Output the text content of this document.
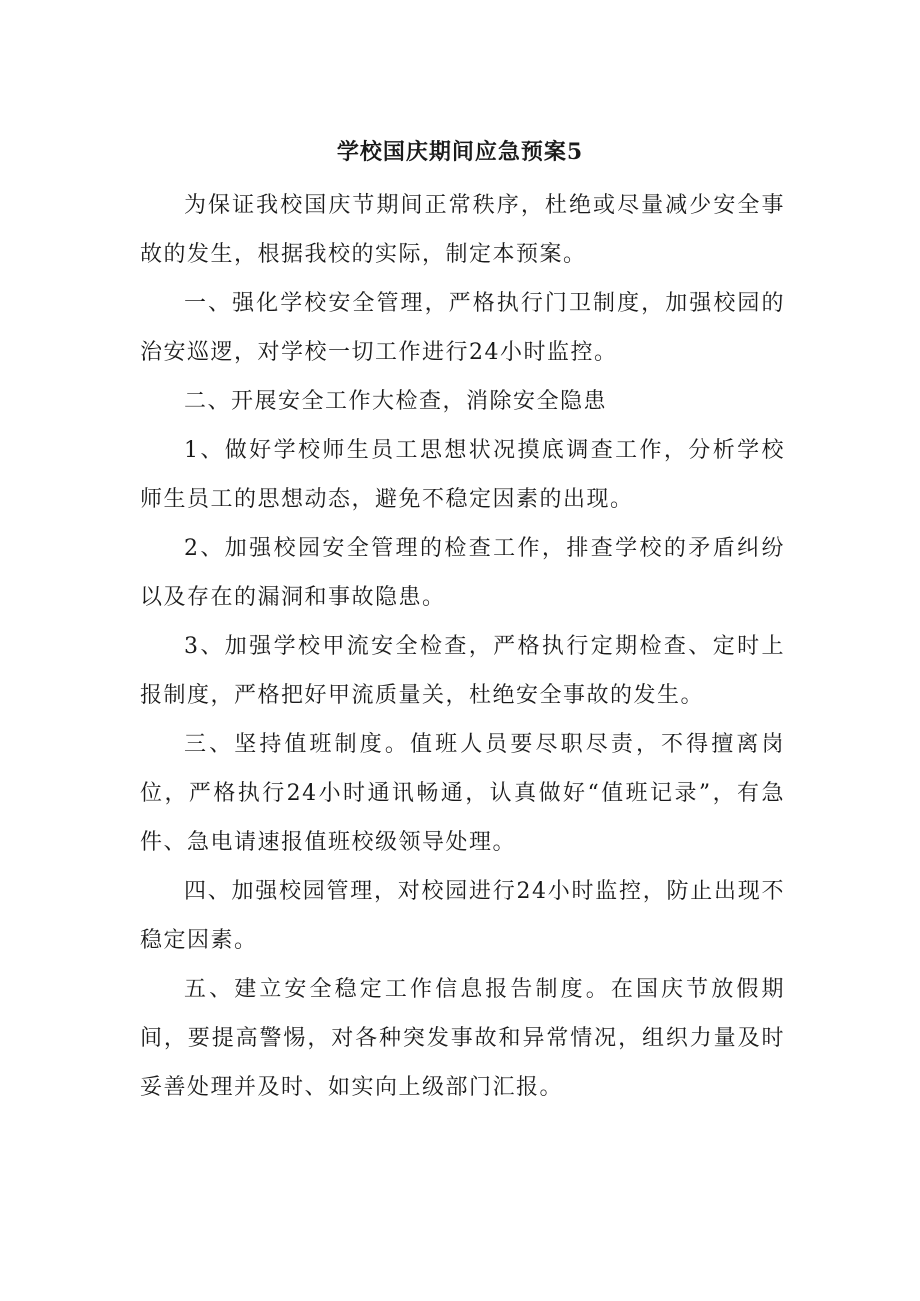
学校国庆期间应急预案5

为保证我校国庆节期间正常秩序，杜绝或尽量减少安全事故的发生，根据我校的实际，制定本预案。

一、强化学校安全管理，严格执行门卫制度，加强校园的治安巡逻，对学校一切工作进行24小时监控。

二、开展安全工作大检查，消除安全隐患

1、做好学校师生员工思想状况摸底调查工作，分析学校师生员工的思想动态，避免不稳定因素的出现。

2、加强校园安全管理的检查工作，排查学校的矛盾纠纷以及存在的漏洞和事故隐患。

3、加强学校甲流安全检查，严格执行定期检查、定时上报制度，严格把好甲流质量关，杜绝安全事故的发生。

三、坚持值班制度。值班人员要尽职尽责，不得擅离岗位，严格执行24小时通讯畅通，认真做好“值班记录”，有急件、急电请速报值班校级领导处理。

四、加强校园管理，对校园进行24小时监控，防止出现不稳定因素。

五、建立安全稳定工作信息报告制度。在国庆节放假期间，要提高警惕，对各种突发事故和异常情况，组织力量及时妥善处理并及时、如实向上级部门汇报。
